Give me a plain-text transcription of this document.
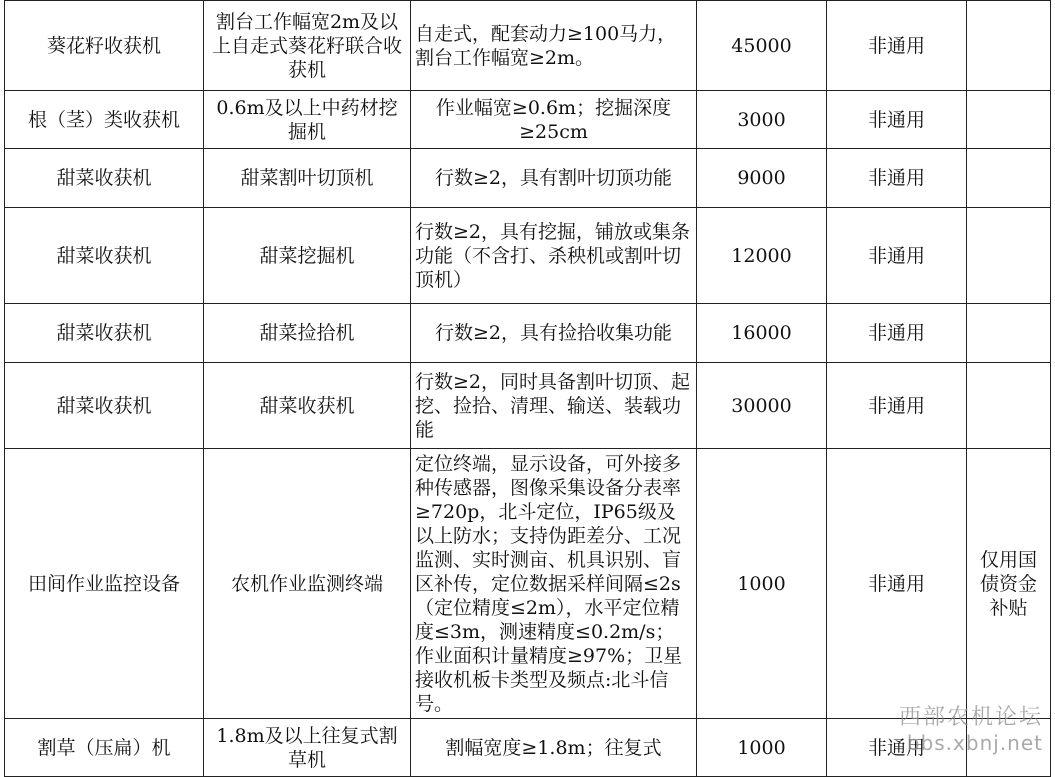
葵花籽收获机	割台工作幅宽2m及以上自走式葵花籽联合收获机	自走式，配套动力≥100马力，割台工作幅宽≥2m。	45000	非通用	
根（茎）类收获机	0.6m及以上中药材挖掘机	作业幅宽≥0.6m；挖掘深度≥25cm	3000	非通用	
甜菜收获机	甜菜割叶切顶机	行数≥2，具有割叶切顶功能	9000	非通用	
甜菜收获机	甜菜挖掘机	行数≥2，具有挖掘，铺放或集条功能（不含打、杀秧机或割叶切顶机）	12000	非通用	
甜菜收获机	甜菜捡拾机	行数≥2，具有捡拾收集功能	16000	非通用	
甜菜收获机	甜菜收获机	行数≥2，同时具备割叶切顶、起挖、捡拾、清理、输送、装载功能	30000	非通用	
田间作业监控设备	农机作业监测终端	定位终端，显示设备，可外接多种传感器，图像采集设备分表率≥720p，北斗定位，IP65级及以上防水；支持伪距差分、工况监测、实时测亩、机具识别、盲区补传，定位数据采样间隔≤2s（定位精度≤2m），水平定位精度≤3m，测速精度≤0.2m/s；作业面积计量精度≥97%；卫星接收机板卡类型及频点:北斗信号。	1000	非通用	仅用国债资金补贴
割草（压扁）机	1.8m及以上往复式割草机	割幅宽度≥1.8m；往复式	1000	非通用	
西部农机论坛
bbs.xbnj.net
